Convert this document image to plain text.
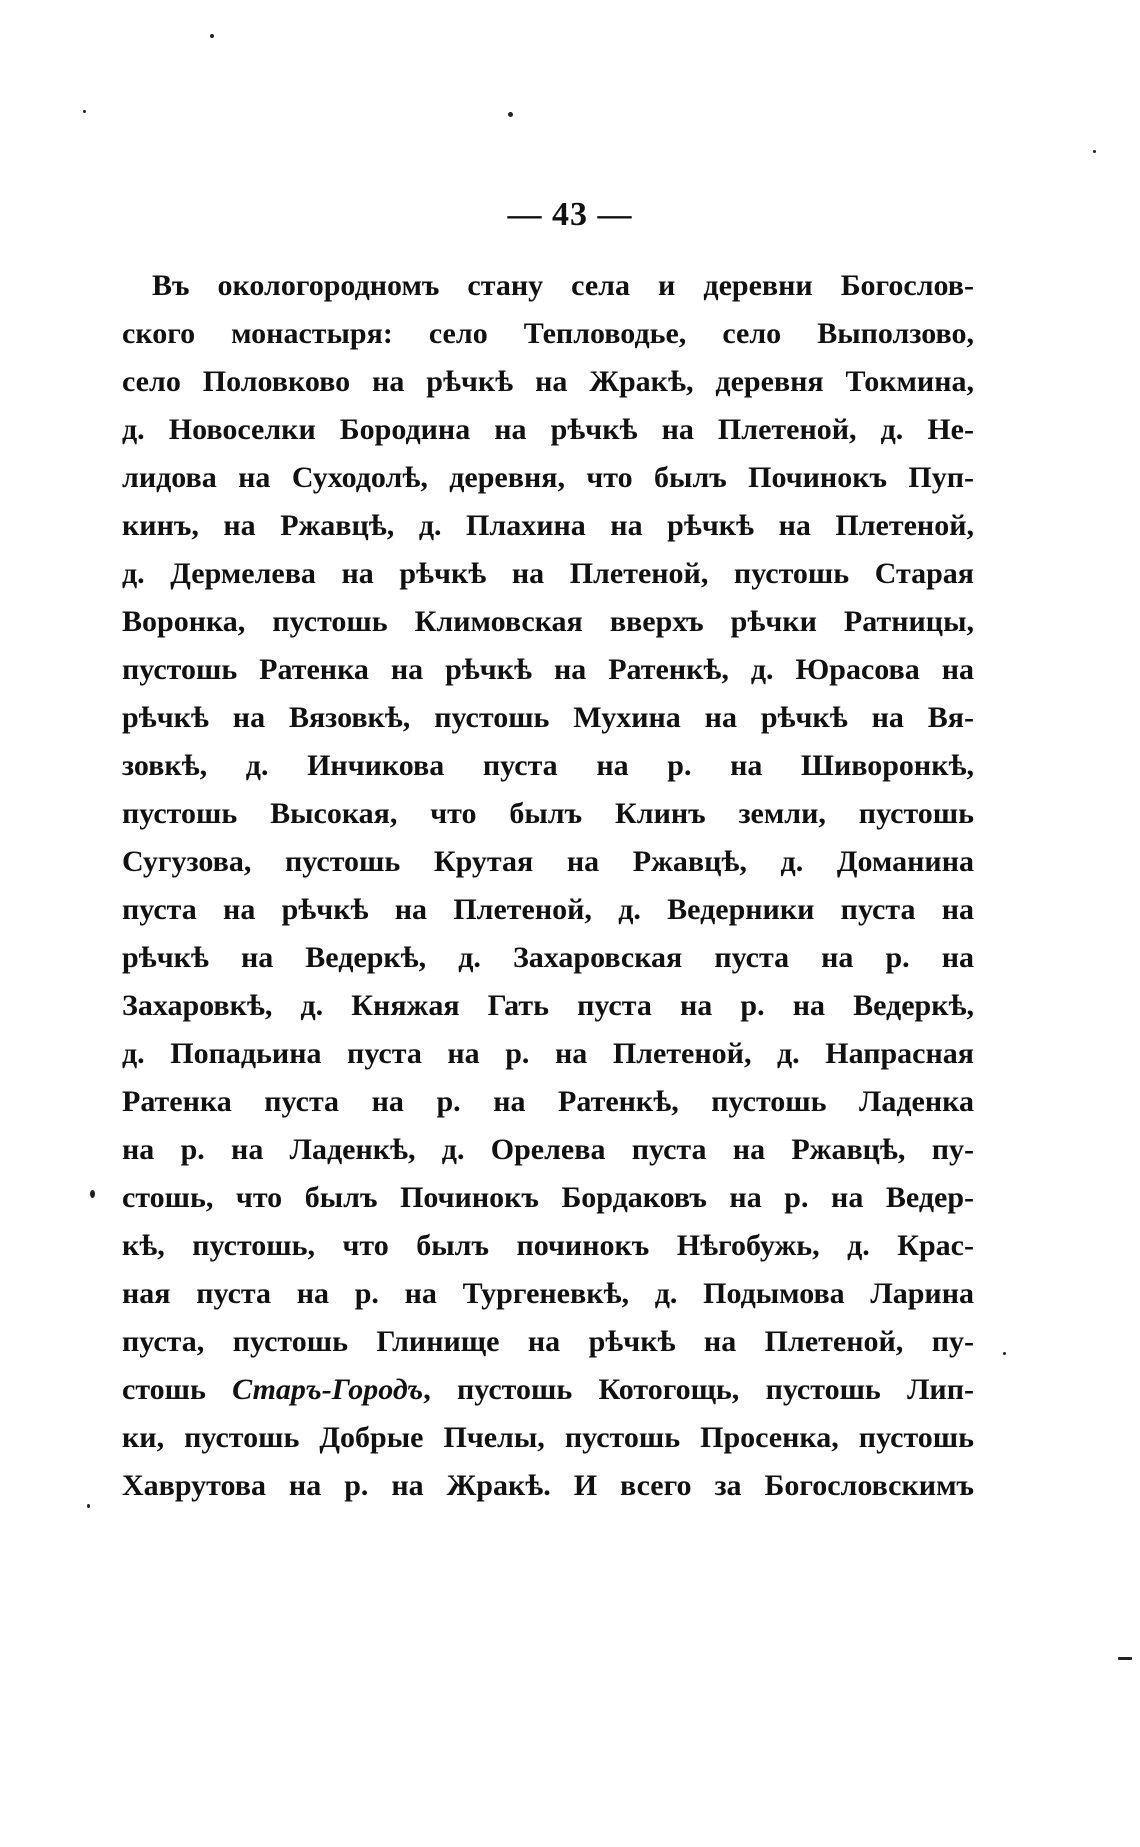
— 43 —
Въ окологородномъ стану села и деревни Богослов-
ского монастыря: село Тепловодье, село Выползово,
село Половково на рѣчкѣ на Жракѣ, деревня Токмина,
д. Новоселки Бородина на рѣчкѣ на Плетеной, д. Не-
лидова на Суходолѣ, деревня, что былъ Починокъ Пуп-
кинъ, на Ржавцѣ, д. Плахина на рѣчкѣ на Плетеной,
д. Дермелева на рѣчкѣ на Плетеной, пустошь Старая
Воронка, пустошь Климовская вверхъ рѣчки Ратницы,
пустошь Ратенка на рѣчкѣ на Ратенкѣ, д. Юрасова на
рѣчкѣ на Вязовкѣ, пустошь Мухина на рѣчкѣ на Вя-
зовкѣ, д. Инчикова пуста на р. на Шиворонкѣ,
пустошь Высокая, что былъ Клинъ земли, пустошь
Сугузова, пустошь Крутая на Ржавцѣ, д. Доманина
пуста на рѣчкѣ на Плетеной, д. Ведерники пуста на
рѣчкѣ на Ведеркѣ, д. Захаровская пуста на р. на
Захаровкѣ, д. Княжая Гать пуста на р. на Ведеркѣ,
д. Попадьина пуста на р. на Плетеной, д. Напрасная
Ратенка пуста на р. на Ратенкѣ, пустошь Ладенка
на р. на Ладенкѣ, д. Орелева пуста на Ржавцѣ, пу-
стошь, что былъ Починокъ Бордаковъ на р. на Ведер-
кѣ, пустошь, что былъ починокъ Нѣгобужь, д. Крас-
ная пуста на р. на Тургеневкѣ, д. Подымова Ларина
пуста, пустошь Глинище на рѣчкѣ на Плетеной, пу-
стошь Старъ-Городъ, пустошь Котогощь, пустошь Лип-
ки, пустошь Добрые Пчелы, пустошь Просенка, пустошь
Хаврутова на р. на Жракѣ. И всего за Богословскимъ
